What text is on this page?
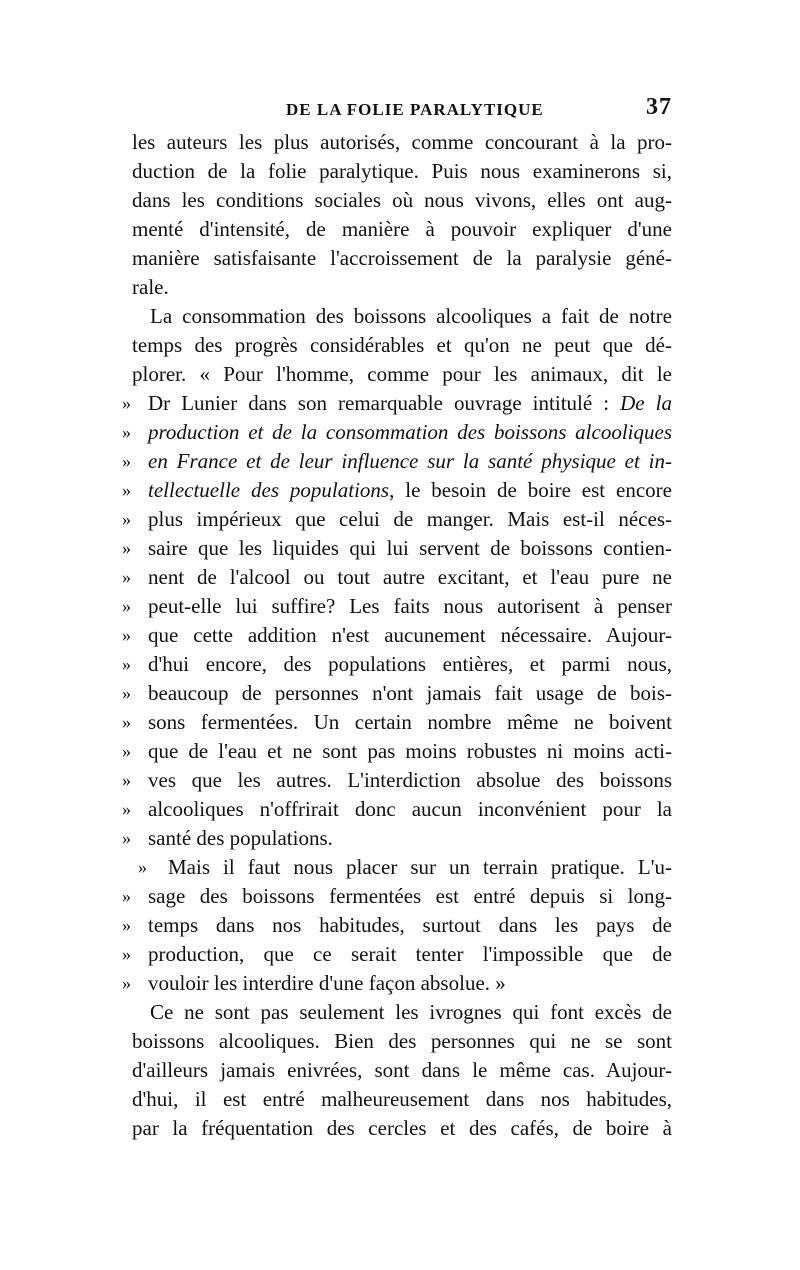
DE LA FOLIE PARALYTIQUE	37
les auteurs les plus autorisés, comme concourant à la pro-
duction de la folie paralytique. Puis nous examinerons si,
dans les conditions sociales où nous vivons, elles ont aug-
menté d'intensité, de manière à pouvoir expliquer d'une
manière satisfaisante l'accroissement de la paralysie géné-
rale.
La consommation des boissons alcooliques a fait de notre
temps des progrès considérables et qu'on ne peut que dé-
plorer. « Pour l'homme, comme pour les animaux, dit le
» Dr Lunier dans son remarquable ouvrage intitulé : De la
» production et de la consommation des boissons alcooliques
» en France et de leur influence sur la santé physique et in-
» tellectuelle des populations, le besoin de boire est encore
» plus impérieux que celui de manger. Mais est-il néces-
» saire que les liquides qui lui servent de boissons contien-
» nent de l'alcool ou tout autre excitant, et l'eau pure ne
» peut-elle lui suffire? Les faits nous autorisent à penser
» que cette addition n'est aucunement nécessaire. Aujour-
» d'hui encore, des populations entières, et parmi nous,
» beaucoup de personnes n'ont jamais fait usage de bois-
» sons fermentées. Un certain nombre même ne boivent
» que de l'eau et ne sont pas moins robustes ni moins acti-
» ves que les autres. L'interdiction absolue des boissons
» alcooliques n'offrirait donc aucun inconvénient pour la
» santé des populations.
» Mais il faut nous placer sur un terrain pratique. L'u-
» sage des boissons fermentées est entré depuis si long-
» temps dans nos habitudes, surtout dans les pays de
» production, que ce serait tenter l'impossible que de
» vouloir les interdire d'une façon absolue. »
Ce ne sont pas seulement les ivrognes qui font excès de
boissons alcooliques. Bien des personnes qui ne se sont
d'ailleurs jamais enivrées, sont dans le même cas. Aujour-
d'hui, il est entré malheureusement dans nos habitudes,
par la fréquentation des cercles et des cafés, de boire à
